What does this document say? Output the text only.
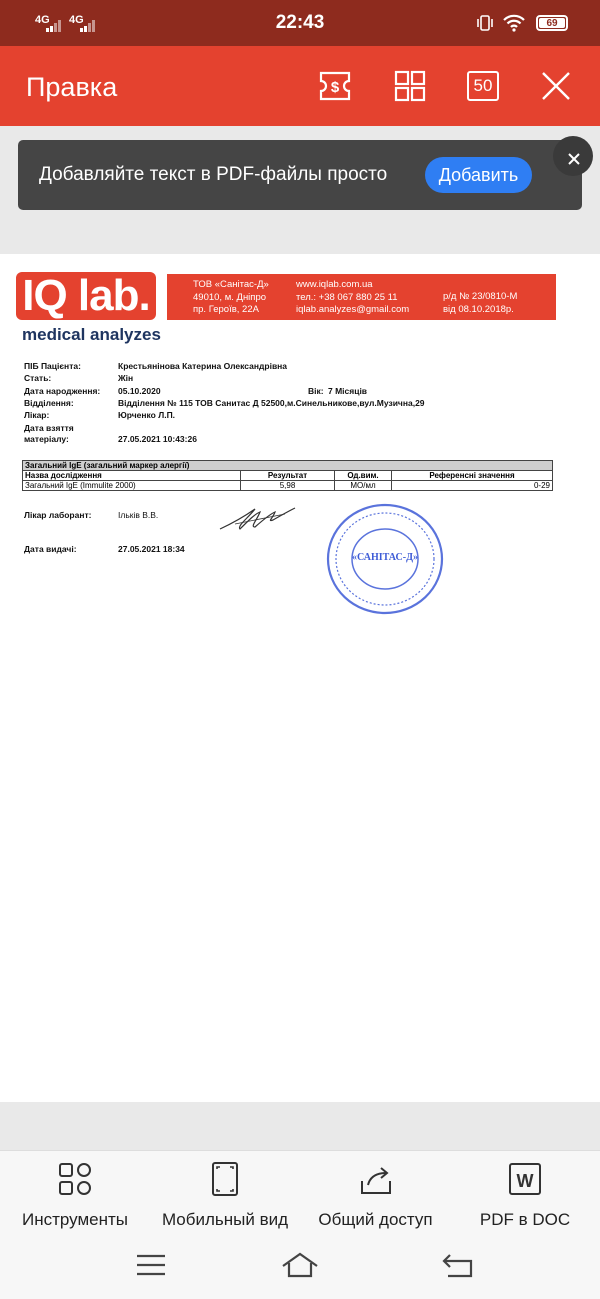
4G 4G	22:43	69
Правка	$	50
Добавляйте текст в PDF-файлы просто	Добавить
IQ lab.
medical analyzes
ТОВ «Санітас-Д»
49010, м. Дніпро
пр. Героїв, 22А
www.iqlab.com.ua
тел.: +38 067 880 25 11
iqlab.analyzes@gmail.com
р/д № 23/0810-М
від 08.10.2018р.
ПІБ Пацієнта:	Крестьянінова Катерина Олександрівна
Стать:	Жін
Дата народження: 05.10.2020	Вік: 7 Місяців
Відділення:	Відділення № 115 ТОВ Санитас Д 52500,м.Синельникове,вул.Музична,29
Лікар:	Юрченко Л.П.
Дата взяття
матеріалу:	27.05.2021 10:43:26
Загальний IgE (загальний маркер алергії)			
Назва дослідження	Результат	Од.вим.	Референсні значення
Загальний IgE (Immulite 2000)	5,98	МО/мл	0-29
Лікар лаборант:	Ільків В.В.
Дата видачі:	27.05.2021 18:34
«САНІТАС-Д»
Инструменты	Мобильный вид	Общий доступ
W
PDF в DOC
